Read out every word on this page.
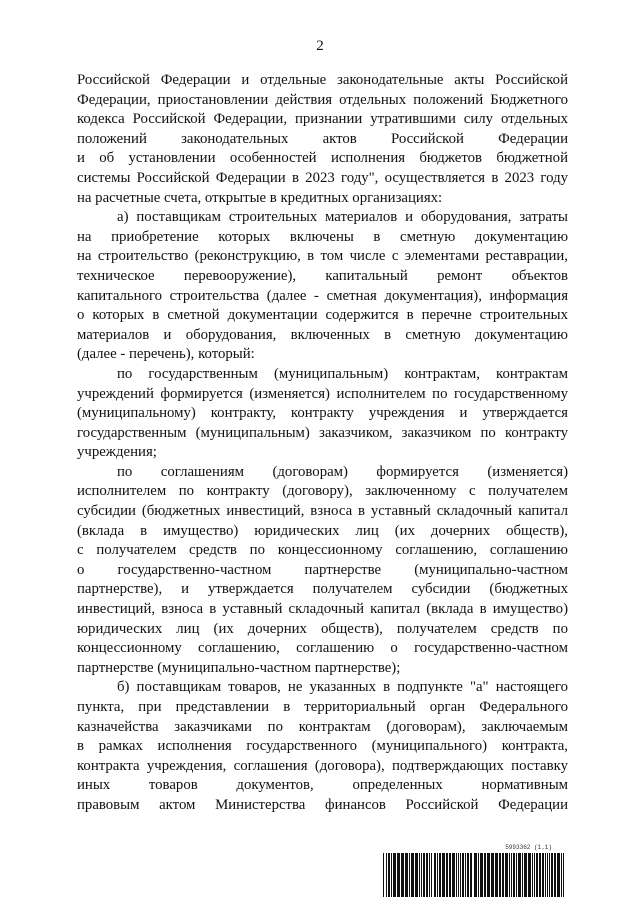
2
Российской Федерации и отдельные законодательные акты Российской
Федерации, приостановлении действия отдельных положений Бюджетного
кодекса Российской Федерации, признании утратившими силу отдельных
положений законодательных актов Российской Федерации
и об установлении особенностей исполнения бюджетов бюджетной
системы Российской Федерации в 2023 году", осуществляется в 2023 году
на расчетные счета, открытые в кредитных организациях:
а) поставщикам строительных материалов и оборудования, затраты
на приобретение которых включены в сметную документацию
на строительство (реконструкцию, в том числе с элементами реставрации,
техническое перевооружение), капитальный ремонт объектов
капитального строительства (далее - сметная документация), информация
о которых в сметной документации содержится в перечне строительных
материалов и оборудования, включенных в сметную документацию
(далее - перечень), который:
по государственным (муниципальным) контрактам, контрактам
учреждений формируется (изменяется) исполнителем по государственному
(муниципальному) контракту, контракту учреждения и утверждается
государственным (муниципальным) заказчиком, заказчиком по контракту
учреждения;
по соглашениям (договорам) формируется (изменяется)
исполнителем по контракту (договору), заключенному с получателем
субсидии (бюджетных инвестиций, взноса в уставный складочный капитал
(вклада в имущество) юридических лиц (их дочерних обществ),
с получателем средств по концессионному соглашению, соглашению
о государственно-частном партнерстве (муниципально-частном
партнерстве), и утверждается получателем субсидии (бюджетных
инвестиций, взноса в уставный складочный капитал (вклада в имущество)
юридических лиц (их дочерних обществ), получателем средств по
концессионному соглашению, соглашению о государственно-частном
партнерстве (муниципально-частном партнерстве);
б) поставщикам товаров, не указанных в подпункте "а" настоящего
пункта, при представлении в территориальный орган Федерального
казначейства заказчиками по контрактам (договорам), заключаемым
в рамках исполнения государственного (муниципального) контракта,
контракта учреждения, соглашения (договора), подтверждающих поставку
иных товаров документов, определенных нормативным
правовым актом Министерства финансов Российской Федерации
5993362 (1.1)
